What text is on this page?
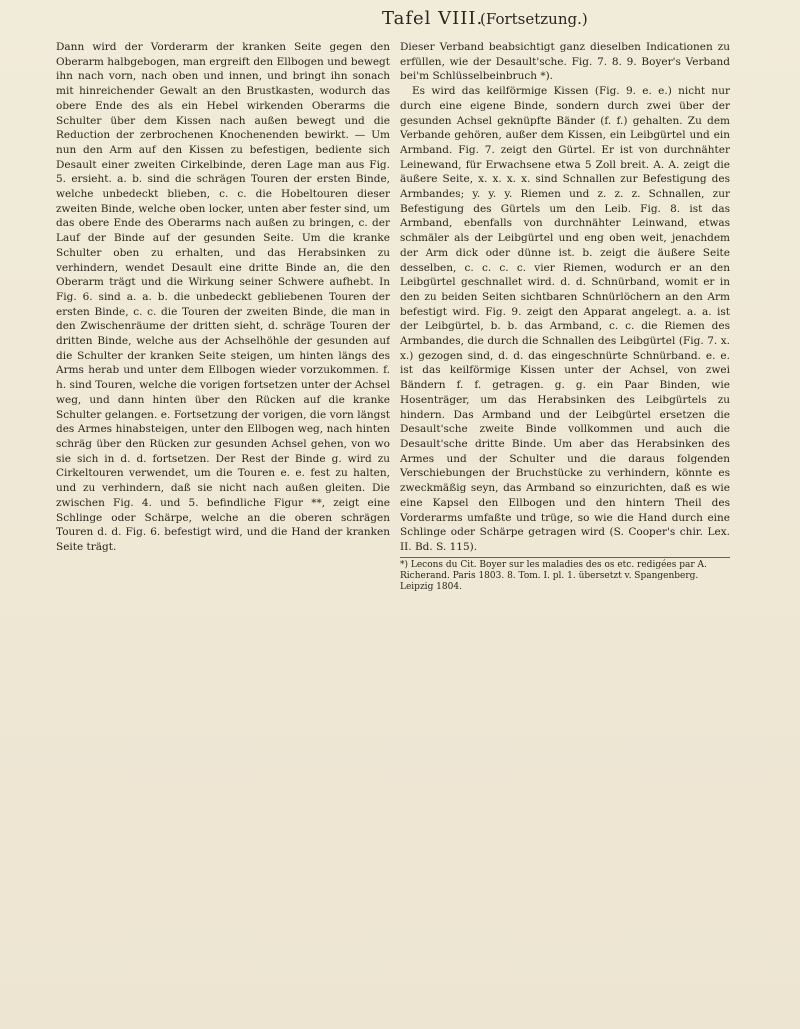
Tafel VIII.
(Fortsetzung.)

Dann wird der Vorderarm der kranken Seite gegen den Oberarm halbgebogen, man ergreift den Ellbogen und bewegt ihn nach vorn, nach oben und innen, und bringt ihn sonach mit hinreichender Gewalt an den Brustkasten, wodurch das obere Ende des als ein Hebel wirkenden Oberarms die Schulter über dem Kissen nach außen bewegt und die Reduction der zerbrochenen Knochenenden bewirkt. — Um nun den Arm auf den Kissen zu befestigen, bediente sich Desault einer zweiten Cirkelbinde, deren Lage man aus Fig. 5. ersieht. a. b. sind die schrägen Touren der ersten Binde, welche unbedeckt blieben, c. c. die Hobeltouren dieser zweiten Binde, welche oben locker, unten aber fester sind, um das obere Ende des Oberarms nach außen zu bringen, c. der Lauf der Binde auf der gesunden Seite. Um die kranke Schulter oben zu erhalten, und das Herabsinken zu verhindern, wendet Desault eine dritte Binde an, die den Oberarm trägt und die Wirkung seiner Schwere aufhebt. In Fig. 6. sind a. a. b. die unbedeckt gebliebenen Touren der ersten Binde, c. c. die Touren der zweiten Binde, die man in den Zwischenräume der dritten sieht, d. schräge Touren der dritten Binde, welche aus der Achselhöhle der gesunden auf die Schulter der kranken Seite steigen, um hinten längs des Arms herab und unter dem Ellbogen wieder vorzukommen. f. h. sind Touren, welche die vorigen fortsetzen unter der Achsel weg, und dann hinten über den Rücken auf die kranke Schulter gelangen. e. Fortsetzung der vorigen, die vorn längst des Armes hinabsteigen, unter den Ellbogen weg, nach hinten schräg über den Rücken zur gesunden Achsel gehen, von wo sie sich in d. d. fortsetzen. Der Rest der Binde g. wird zu Cirkeltouren verwendet, um die Touren e. e. fest zu halten, und zu verhindern, daß sie nicht nach außen gleiten. Die zwischen Fig. 4. und 5. befindliche Figur **, zeigt eine Schlinge oder Schärpe, welche an die oberen schrägen Touren d. d. Fig. 6. befestigt wird, und die Hand der kranken Seite trägt.

Dieser Verband beabsichtigt ganz dieselben Indicationen zu erfüllen, wie der Desault'sche. Fig. 7. 8. 9. Boyer's Verband bei'm Schlüsselbeinbruch *).

Es wird das keilförmige Kissen (Fig. 9. e. e.) nicht nur durch eine eigene Binde, sondern durch zwei über der gesunden Achsel geknüpfte Bänder (f. f.) gehalten. Zu dem Verbande gehören, außer dem Kissen, ein Leibgürtel und ein Armband. Fig. 7. zeigt den Gürtel. Er ist von durchnähter Leinewand, für Erwachsene etwa 5 Zoll breit. A. A. zeigt die äußere Seite, x. x. x. x. sind Schnallen zur Befestigung des Armbandes; y. y. y. Riemen und z. z. z. Schnallen, zur Befestigung des Gürtels um den Leib. Fig. 8. ist das Armband, ebenfalls von durchnähter Leinwand, etwas schmäler als der Leibgürtel und eng oben weit, jenachdem der Arm dick oder dünne ist. b. zeigt die äußere Seite desselben, c. c. c. c. vier Riemen, wodurch er an den Leibgürtel geschnallet wird. d. d. Schnürband, womit er in den zu beiden Seiten sichtbaren Schnürlöchern an den Arm befestigt wird. Fig. 9. zeigt den Apparat angelegt. a. a. ist der Leibgürtel, b. b. das Armband, c. c. die Riemen des Armbandes, die durch die Schnallen des Leibgürtel (Fig. 7. x. x.) gezogen sind, d. d. das eingeschnürte Schnürband. e. e. ist das keilförmige Kissen unter der Achsel, von zwei Bändern f. f. getragen. g. g. ein Paar Binden, wie Hosenträger, um das Herabsinken des Leibgürtels zu hindern. Das Armband und der Leibgürtel ersetzen die Desault'sche zweite Binde vollkommen und auch die Desault'sche dritte Binde. Um aber das Herabsinken des Armes und der Schulter und die daraus folgenden Verschiebungen der Bruchstücke zu verhindern, könnte es zweckmäßig seyn, das Armband so einzurichten, daß es wie eine Kapsel den Ellbogen und den hintern Theil des Vorderarms umfaßte und trüge, so wie die Hand durch eine Schlinge oder Schärpe getragen wird (S. Cooper's chir. Lex. II. Bd. S. 115).

*) Lecons du Cit. Boyer sur les maladies des os etc. redigées par A. Richerand. Paris 1803. 8. Tom. I. pl. 1. übersetzt v. Spangenberg. Leipzig 1804.
